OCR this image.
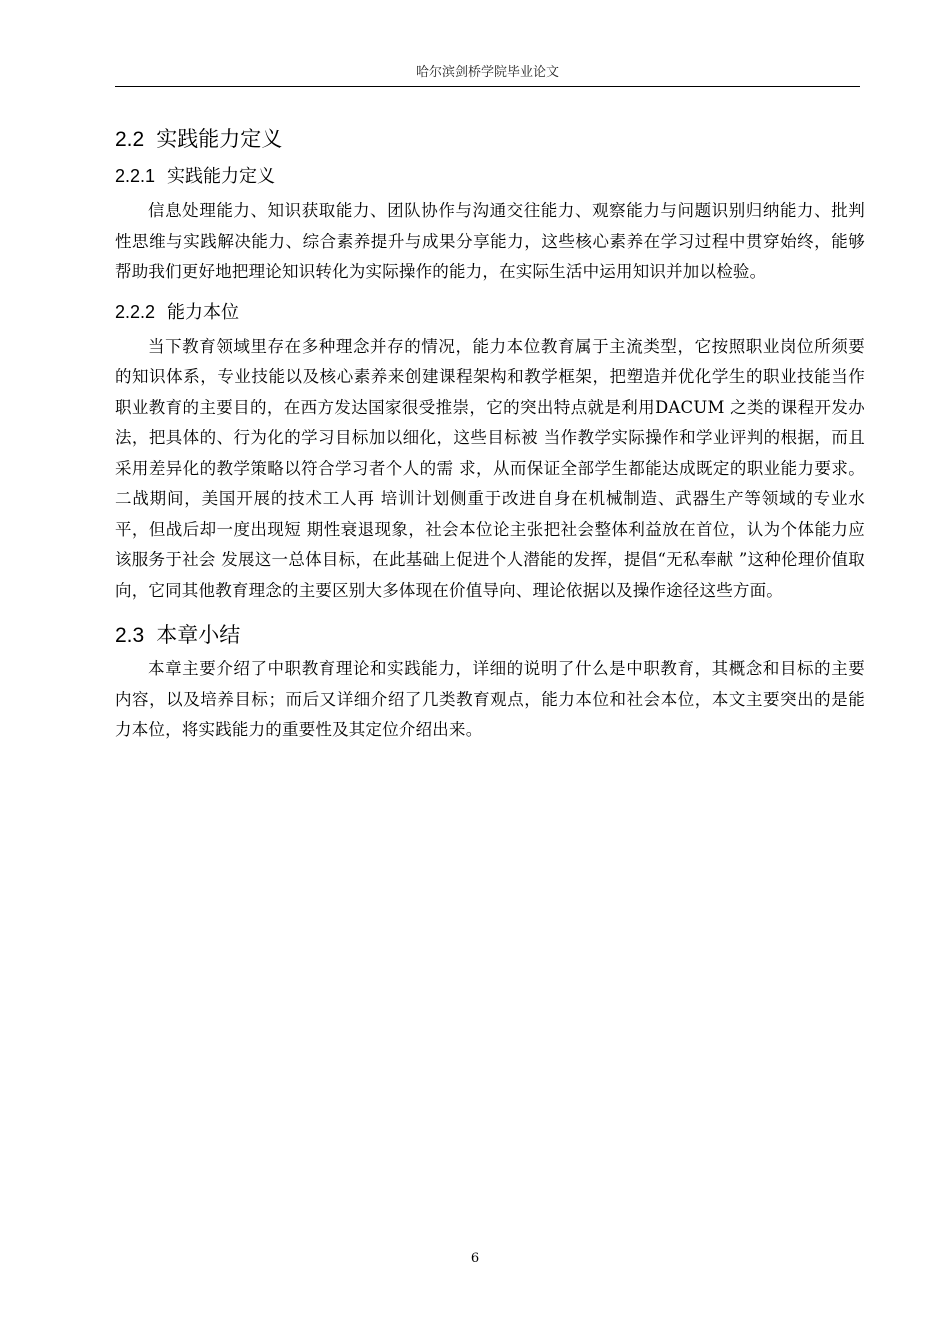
哈尔滨剑桥学院毕业论文
2.2 实践能力定义
2.2.1 实践能力定义

信息处理能力、知识获取能力、团队协作与沟通交往能力、观察能力与问题识别归纳能力、批判性思维与实践解决能力、综合素养提升与成果分享能力，这些核心素养在学习过程中贯穿始终，能够帮助我们更好地把理论知识转化为实际操作的能力，在实际生活中运用知识并加以检验。

2.2.2 能力本位

当下教育领域里存在多种理念并存的情况，能力本位教育属于主流类型，它按照职业岗位所须要的知识体系，专业技能以及核心素养来创建课程架构和教学框架，把塑造并优化学生的职业技能当作职业教育的主要目的，在西方发达国家很受推崇，它的突出特点就是利用DACUM 之类的课程开发办法，把具体的、行为化的学习目标加以细化，这些目标被 当作教学实际操作和学业评判的根据，而且采用差异化的教学策略以符合学习者个人的需 求，从而保证全部学生都能达成既定的职业能力要求。二战期间，美国开展的技术工人再 培训计划侧重于改进自身在机械制造、武器生产等领域的专业水平，但战后却一度出现短 期性衰退现象，社会本位论主张把社会整体利益放在首位，认为个体能力应该服务于社会 发展这一总体目标，在此基础上促进个人潜能的发挥，提倡“无私奉献 ”这种伦理价值取 向，它同其他教育理念的主要区别大多体现在价值导向、理论依据以及操作途径这些方面。

2.3 本章小结

本章主要介绍了中职教育理论和实践能力，详细的说明了什么是中职教育，其概念和目标的主要内容，以及培养目标；而后又详细介绍了几类教育观点，能力本位和社会本位，本文主要突出的是能力本位，将实践能力的重要性及其定位介绍出来。

6
